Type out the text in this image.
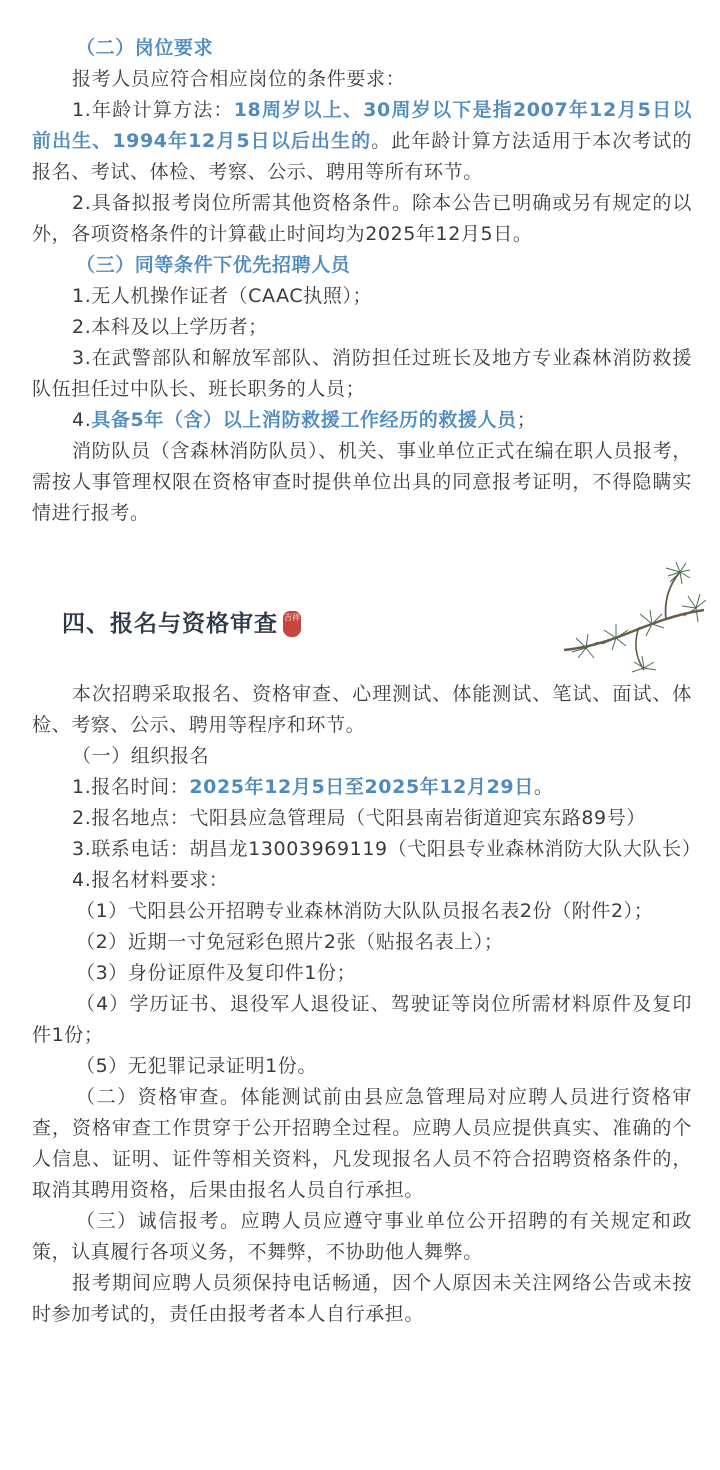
（二）岗位要求

报考人员应符合相应岗位的条件要求：

1.年龄计算方法：18周岁以上、30周岁以下是指2007年12月5日以前出生、1994年12月5日以后出生的。此年龄计算方法适用于本次考试的报名、考试、体检、考察、公示、聘用等所有环节。

2.具备拟报考岗位所需其他资格条件。除本公告已明确或另有规定的以外，各项资格条件的计算截止时间均为2025年12月5日。

（三）同等条件下优先招聘人员

1.无人机操作证者（CAAC执照）；

2.本科及以上学历者；

3.在武警部队和解放军部队、消防担任过班长及地方专业森林消防救援队伍担任过中队长、班长职务的人员；

4.具备5年（含）以上消防救援工作经历的救援人员；

消防队员（含森林消防队员）、机关、事业单位正式在编在职人员报考，需按人事管理权限在资格审查时提供单位出具的同意报考证明，不得隐瞒实情进行报考。

四、报名与资格审查 吉祥

本次招聘采取报名、资格审查、心理测试、体能测试、笔试、面试、体检、考察、公示、聘用等程序和环节。

（一）组织报名

1.报名时间：2025年12月5日至2025年12月29日。

2.报名地点：弋阳县应急管理局（弋阳县南岩街道迎宾东路89号）

3.联系电话：胡昌龙13003969119（弋阳县专业森林消防大队大队长）

4.报名材料要求：

（1）弋阳县公开招聘专业森林消防大队队员报名表2份（附件2）；

（2）近期一寸免冠彩色照片2张（贴报名表上）；

（3）身份证原件及复印件1份；

（4）学历证书、退役军人退役证、驾驶证等岗位所需材料原件及复印件1份；

（5）无犯罪记录证明1份。

（二）资格审查。体能测试前由县应急管理局对应聘人员进行资格审查，资格审查工作贯穿于公开招聘全过程。应聘人员应提供真实、准确的个人信息、证明、证件等相关资料，凡发现报名人员不符合招聘资格条件的，取消其聘用资格，后果由报名人员自行承担。

（三）诚信报考。应聘人员应遵守事业单位公开招聘的有关规定和政策，认真履行各项义务，不舞弊，不协助他人舞弊。

报考期间应聘人员须保持电话畅通，因个人原因未关注网络公告或未按时参加考试的，责任由报考者本人自行承担。
